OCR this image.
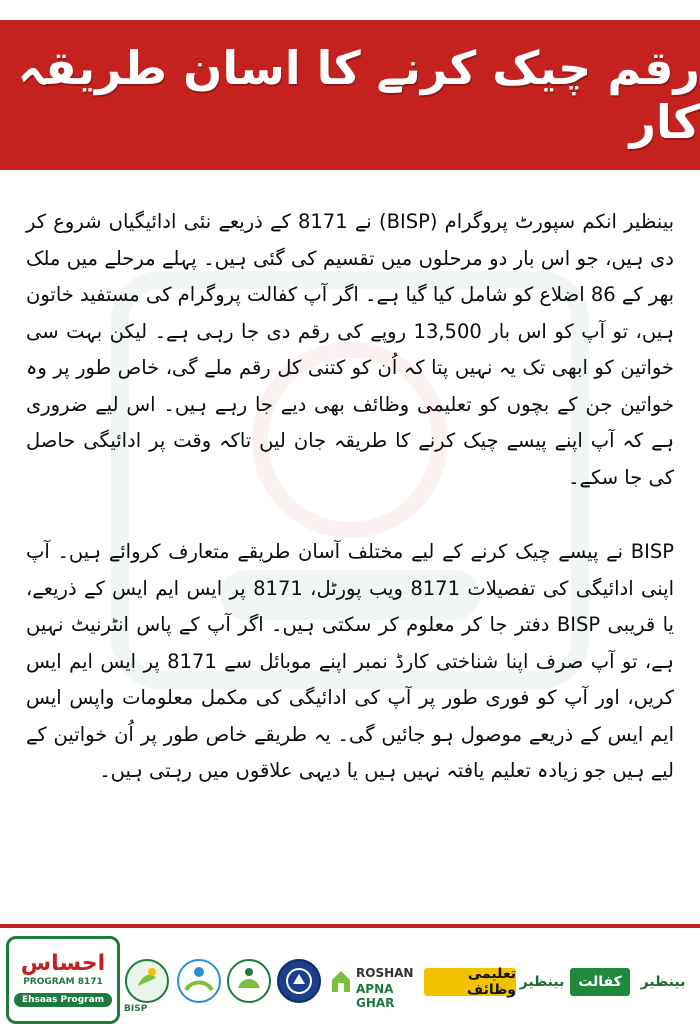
رقم چیک کرنے کا اسان طریقہ کار

بینظیر انکم سپورٹ پروگرام (BISP) نے 8171 کے ذریعے نئی ادائیگیاں شروع کر دی ہیں، جو اس بار دو مرحلوں میں تقسیم کی گئی ہیں۔ پہلے مرحلے میں ملک بھر کے 86 اضلاع کو شامل کیا گیا ہے۔ اگر آپ کفالت پروگرام کی مستفید خاتون ہیں، تو آپ کو اس بار 13,500 روپے کی رقم دی جا رہی ہے۔ لیکن بہت سی خواتین کو ابھی تک یہ نہیں پتا کہ اُن کو کتنی کل رقم ملے گی، خاص طور پر وہ خواتین جن کے بچوں کو تعلیمی وظائف بھی دیے جا رہے ہیں۔ اس لیے ضروری ہے کہ آپ اپنے پیسے چیک کرنے کا طریقہ جان لیں تاکہ وقت پر ادائیگی حاصل کی جا سکے۔

BISP نے پیسے چیک کرنے کے لیے مختلف آسان طریقے متعارف کروائے ہیں۔ آپ اپنی ادائیگی کی تفصیلات 8171 ویب پورٹل، 8171 پر ایس ایم ایس کے ذریعے، یا قریبی BISP دفتر جا کر معلوم کر سکتی ہیں۔ اگر آپ کے پاس انٹرنیٹ نہیں ہے، تو آپ صرف اپنا شناختی کارڈ نمبر اپنے موبائل سے 8171 پر ایس ایم ایس کریں، اور آپ کو فوری طور پر آپ کی ادائیگی کی مکمل معلومات واپس ایس ایم ایس کے ذریعے موصول ہو جائیں گی۔ یہ طریقے خاص طور پر اُن خواتین کے لیے ہیں جو زیادہ تعلیم یافتہ نہیں ہیں یا دیہی علاقوں میں رہتی ہیں۔

احساس
PROGRAM 8171
Ehsaas Program
BISP
ROSHAN
APNA GHAR
تعلیمی وظائف بینظیر کفالت	بینظیر
